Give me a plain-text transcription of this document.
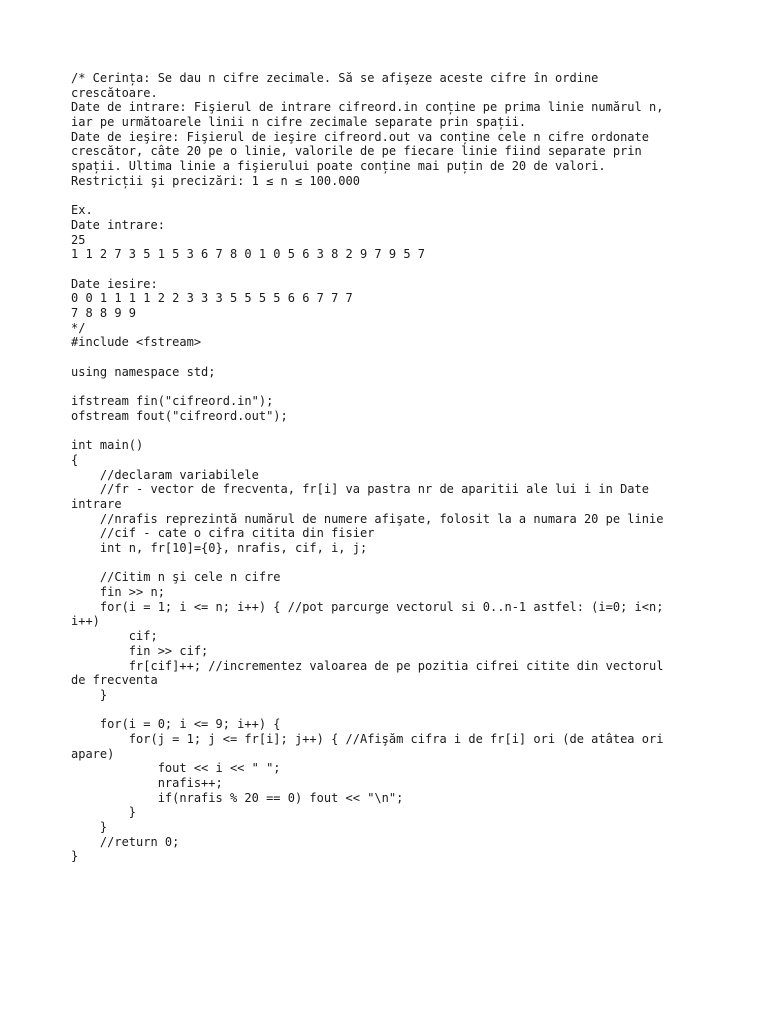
/* Cerința: Se dau n cifre zecimale. Să se afişeze aceste cifre în ordine
crescătoare.
Date de intrare: Fişierul de intrare cifreord.in conține pe prima linie numărul n,
iar pe următoarele linii n cifre zecimale separate prin spații.
Date de ieşire: Fişierul de ieşire cifreord.out va conține cele n cifre ordonate
crescător, câte 20 pe o linie, valorile de pe fiecare linie fiind separate prin
spații. Ultima linie a fişierului poate conține mai puțin de 20 de valori.
Restricții şi precizări: 1 ≤ n ≤ 100.000
Ex.
Date intrare:
25
1 1 2 7 3 5 1 5 3 6 7 8 0 1 0 5 6 3 8 2 9 7 9 5 7
Date iesire:
0 0 1 1 1 1 2 2 3 3 3 5 5 5 5 6 6 7 7 7
7 8 8 9 9
*/
#include <fstream>
using namespace std;
ifstream fin("cifreord.in");
ofstream fout("cifreord.out");
int main()
{
//declaram variabilele
//fr - vector de frecventa, fr[i] va pastra nr de aparitii ale lui i in Date
intrare
//nrafis reprezintă numărul de numere afişate, folosit la a numara 20 pe linie
//cif - cate o cifra citita din fisier
int n, fr[10]={0}, nrafis, cif, i, j;
//Citim n şi cele n cifre
fin >> n;
for(i = 1; i <= n; i++) { //pot parcurge vectorul si 0..n-1 astfel: (i=0; i<n;
i++)
cif;
fin >> cif;
fr[cif]++; //incrementez valoarea de pe pozitia cifrei citite din vectorul
de frecventa
}
for(i = 0; i <= 9; i++) {
for(j = 1; j <= fr[i]; j++) { //Afişăm cifra i de fr[i] ori (de atâtea ori
apare)
fout << i << " ";
nrafis++;
if(nrafis % 20 == 0) fout << "\n";
}
}
//return 0;
}
